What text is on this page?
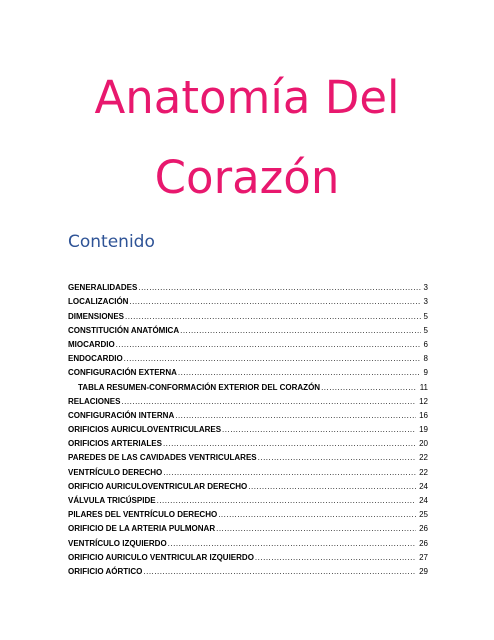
Anatomía Del
Corazón
Contenido
GENERALIDADES .....	3
LOCALIZACIÓN .....	3
DIMENSIONES .....	5
CONSTITUCIÓN ANATÓMICA .....	5
MIOCARDIO .....	6
ENDOCARDIO .....	8
CONFIGURACIÓN EXTERNA .....	9
TABLA RESUMEN-CONFORMACIÓN EXTERIOR DEL CORAZÓN .....	11
RELACIONES .....	12
CONFIGURACIÓN INTERNA .....	16
ORIFICIOS AURICULOVENTRICULARES .....	19
ORIFICIOS ARTERIALES .....	20
PAREDES DE LAS CAVIDADES VENTRICULARES .....	22
VENTRÍCULO DERECHO .....	22
ORIFICIO AURICULOVENTRICULAR DERECHO .....	24
VÁLVULA TRICÚSPIDE .....	24
PILARES DEL VENTRÍCULO DERECHO .....	25
ORIFICIO DE LA ARTERIA PULMONAR .....	26
VENTRÍCULO IZQUIERDO .....	26
ORIFICIO AURICULO VENTRICULAR IZQUIERDO .....	27
ORIFICIO AÓRTICO .....	29
